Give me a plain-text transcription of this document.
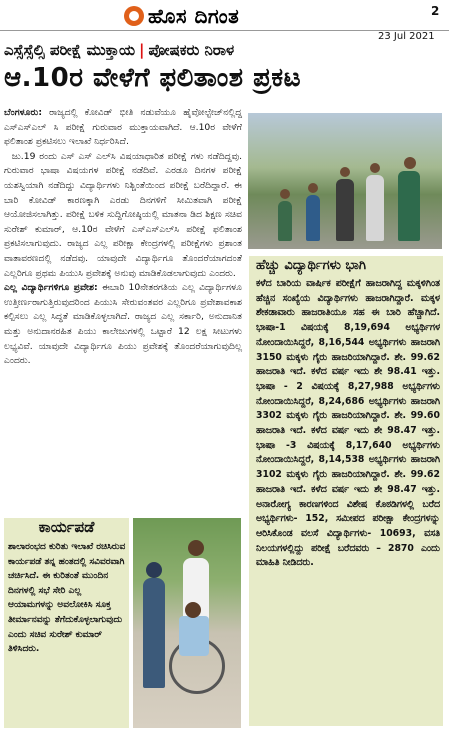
ಹೊಸ ದಿಗಂತ	2
23 Jul 2021
ಎಸ್ಸೆಸ್ಸೆಲ್ಸಿ ಪರೀಕ್ಷೆ ಮುಕ್ತಾಯ | ಪೋಷಕರು ನಿರಾಳ
ಆ.10ರ ವೇಳೆಗೆ ಫಲಿತಾಂಶ ಪ್ರಕಟ

ಬೆಂಗಳೂರು: ರಾಜ್ಯದಲ್ಲಿ ಕೋವಿಡ್ ಭೀತಿ ನಡುವೆಯೂ ಹೈವೋಲ್ಟೇಜ್‌ನಲ್ಲಿದ್ದ ಎಸ್‌ಎಸ್‌ಎಲ್ ಸಿ ಪರೀಕ್ಷೆ ಗುರುವಾರ ಮುಕ್ತಾಯವಾಗಿದೆ. ಆ.10ರ ವೇಳೆಗೆ ಫಲಿತಾಂಶ ಪ್ರಕಟಿಸಲು ಇಲಾಖೆ ನಿರ್ಧರಿಸಿದೆ.

ಜು.19 ರಂದು ಎಸ್ ಎಸ್ ಎಲ್‌ಸಿ ವಿಷಯಾಧಾರಿತ ಪರೀಕ್ಷೆ ಗಳು ನಡೆದಿದ್ದವು. ಗುರುವಾರ ಭಾಷಾ ವಿಷಯಗಳ ಪರೀಕ್ಷೆ ನಡೆದಿವೆ. ಎರಡೂ ದಿನಗಳ ಪರೀಕ್ಷೆ ಯಶಸ್ವಿಯಾಗಿ ನಡೆದಿದ್ದು ವಿದ್ಯಾರ್ಥಿಗಳು ನಿಶ್ಚಿಂತೆಯಿಂದ ಪರೀಕ್ಷೆ ಬರೆದಿದ್ದಾರೆ. ಈ ಬಾರಿ ಕೋವಿಡ್ ಕಾರಣಕ್ಕಾಗಿ ಎರಡು ದಿನಗಳಿಗೆ ಸೀಮಿತವಾಗಿ ಪರೀಕ್ಷೆ ಆಯೋಜಿಸಲಾಗಿತ್ತು. ಪರೀಕ್ಷೆ ಬಳಿಕ ಸುದ್ದಿಗೋಷ್ಠಿಯಲ್ಲಿ ಮಾತನಾ ಡಿದ ಶಿಕ್ಷಣ ಸಚಿವ ಸುರೇಶ್ ಕುಮಾರ್, ಆ.10ರ ವೇಳೆಗೆ ಎಸ್‌ಎಸ್‌ಎಲ್‌ಸಿ ಪರೀಕ್ಷೆ ಫಲಿತಾಂಶ ಪ್ರಕಟಿಸಲಾಗುವುದು. ರಾಜ್ಯದ ಎಲ್ಲ ಪರೀಕ್ಷಾ ಕೇಂದ್ರಗಳಲ್ಲಿ ಪರೀಕ್ಷೆಗಳು ಪ್ರಶಾಂತ ವಾತಾವರಣದಲ್ಲಿ ನಡೆದವು. ಯಾವುದೇ ವಿದ್ಯಾರ್ಥಿಗೂ ತೊಂದರೆಯಾಗದಂತೆ ಎಲ್ಲರಿಗೂ ಪ್ರಥಮ ಪಿಯುಸಿ ಪ್ರವೇಶಕ್ಕೆ ಅನುವು ಮಾಡಿಕೊಡಲಾಗುವುದು ಎಂದರು.

ಎಲ್ಲ ವಿದ್ಯಾರ್ಥಿಗಳಿಗೂ ಪ್ರವೇಶ: ಈಬಾರಿ 10ನೇತರಗತಿಯ ಎಲ್ಲ ವಿದ್ಯಾರ್ಥಿಗಳೂ ಉತ್ತೀರ್ಣರಾಗುತ್ತಿರುವುದರಿಂದ ಪಿಯುಸಿ ಸೇರುವಂತವರ ಎಲ್ಲರಿಗೂ ಪ್ರವೇಶಾವಕಾಶ ಕಲ್ಪಿಸಲು ಎಲ್ಲ ಸಿದ್ಧತೆ ಮಾಡಿಕೊಳ್ಳಲಾಗಿದೆ. ರಾಜ್ಯದ ಎಲ್ಲ ಸರ್ಕಾರಿ, ಅನುದಾನಿತ ಮತ್ತು ಅನುದಾನರಹಿತ ಪಿಯು ಕಾಲೇಜುಗಳಲ್ಲಿ ಒಟ್ಟಾರೆ 12 ಲಕ್ಷ ಸೀಟುಗಳು ಲಭ್ಯವಿವೆ. ಯಾವುದೇ ವಿದ್ಯಾರ್ಥಿಗೂ ಪಿಯು ಪ್ರವೇಶಕ್ಕೆ ತೊಂದರೆಯಾಗುವುದಿಲ್ಲ ಎಂದರು.

ಹೆಚ್ಚು ವಿದ್ಯಾರ್ಥಿಗಳು ಭಾಗಿ
ಕಳೆದ ಬಾರಿಯ ವಾರ್ಷಿಕ ಪರೀಕ್ಷೆಗೆ ಹಾಜರಾಗಿದ್ದ ಮಕ್ಕಳಿಗಿಂತ ಹೆಚ್ಚಿನ ಸಂಖ್ಯೆಯ ವಿದ್ಯಾರ್ಥಿಗಳು ಹಾಜರಾಗಿದ್ದಾರೆ. ಮಕ್ಕಳ ಶೇಕಡಾವಾರು ಹಾಜರಾತಿಯೂ ಸಹ ಈ ಬಾರಿ ಹೆಚ್ಚಾಗಿದೆ. ಭಾಷಾ-1 ವಿಷಯಕ್ಕೆ 8,19,694 ಅಭ್ಯರ್ಥಿಗಳ ನೋಂದಾಯಿಸಿದ್ದರೆ, 8,16,544 ಅಭ್ಯರ್ಥಿಗಳು ಹಾಜರಾಗಿ 3150 ಮಕ್ಕಳು ಗೈರು ಹಾಜರಿಯಾಗಿದ್ದಾರೆ. ಶೇ. 99.62 ಹಾಜರಾತಿ ಇದೆ. ಕಳೆದ ವರ್ಷ ಇದು ಶೇ 98.41 ಇತ್ತು. ಭಾಷಾ - 2 ವಿಷಯಕ್ಕೆ 8,27,988 ಅಭ್ಯರ್ಥಿಗಳು ನೋಂದಾಯಿಸಿದ್ದರೆ, 8,24,686 ಅಭ್ಯರ್ಥಿಗಳು ಹಾಜರಾಗಿ 3302 ಮಕ್ಕಳು ಗೈರು ಹಾಜರಿಯಾಗಿದ್ದಾರೆ. ಶೇ. 99.60 ಹಾಜರಾತಿ ಇದೆ. ಕಳೆದ ವರ್ಷ ಇದು ಶೇ 98.47 ಇತ್ತು. ಭಾಷಾ -3 ವಿಷಯಕ್ಕೆ 8,17,640 ಅಭ್ಯರ್ಥಿಗಳು ನೋಂದಾಯಿಸಿದ್ದರೆ, 8,14,538 ಅಭ್ಯರ್ಥಿಗಳು ಹಾಜರಾಗಿ 3102 ಮಕ್ಕಳು ಗೈರು ಹಾಜರಿಯಾಗಿದ್ದಾರೆ. ಶೇ. 99.62 ಹಾಜರಾತಿ ಇದೆ. ಕಳೆದ ವರ್ಷ ಇದು ಶೇ 98.47 ಇತ್ತು. ಅನಾರೋಗ್ಯ ಕಾರಣಗಳಿಂದ ವಿಶೇಷ ಕೊಠಡಿಗಳಲ್ಲಿ ಬರೆದ ಅಭ್ಯರ್ಥಿಗಳು- 152, ಸಮೀಪದ ಪರೀಕ್ಷಾ ಕೇಂದ್ರಗಳನ್ನು ಆರಿಸಿಕೊಂಡ ವಲಸೆ ವಿದ್ಯಾರ್ಥಿಗಳು- 10693, ವಸತಿ ನಿಲಯಗಳಲ್ಲಿದ್ದು ಪರೀಕ್ಷೆ ಬರೆದವರು – 2870 ಎಂದು ಮಾಹಿತಿ ನೀಡಿದರು.
ಕಾರ್ಯಪಡೆ
ಶಾಲಾರಂಭದ ಕುರಿತು ಇಲಾಖೆ ರಚಿಸಿರುವ ಕಾರ್ಯಪಡೆ ತನ್ನ ಹಂತದಲ್ಲಿ ಸವಿವರವಾಗಿ ಚರ್ಚಿಸಿದೆ. ಈ ಕುರಿತಂತೆ ಮುಂದಿನ ದಿನಗಳಲ್ಲಿ ಸಭೆ ಸೇರಿ ಎಲ್ಲ ಆಯಾಮಗಳನ್ನು ಅವಲೋಕಿಸಿ ಸೂಕ್ತ ತೀರ್ಮಾನವನ್ನು ತೆಗೆದುಕೊಳ್ಳಲಾಗುವುದು ಎಂದು ಸಚಿವ ಸುರೇಶ್ ಕುಮಾರ್ ತಿಳಿಸಿದರು.
